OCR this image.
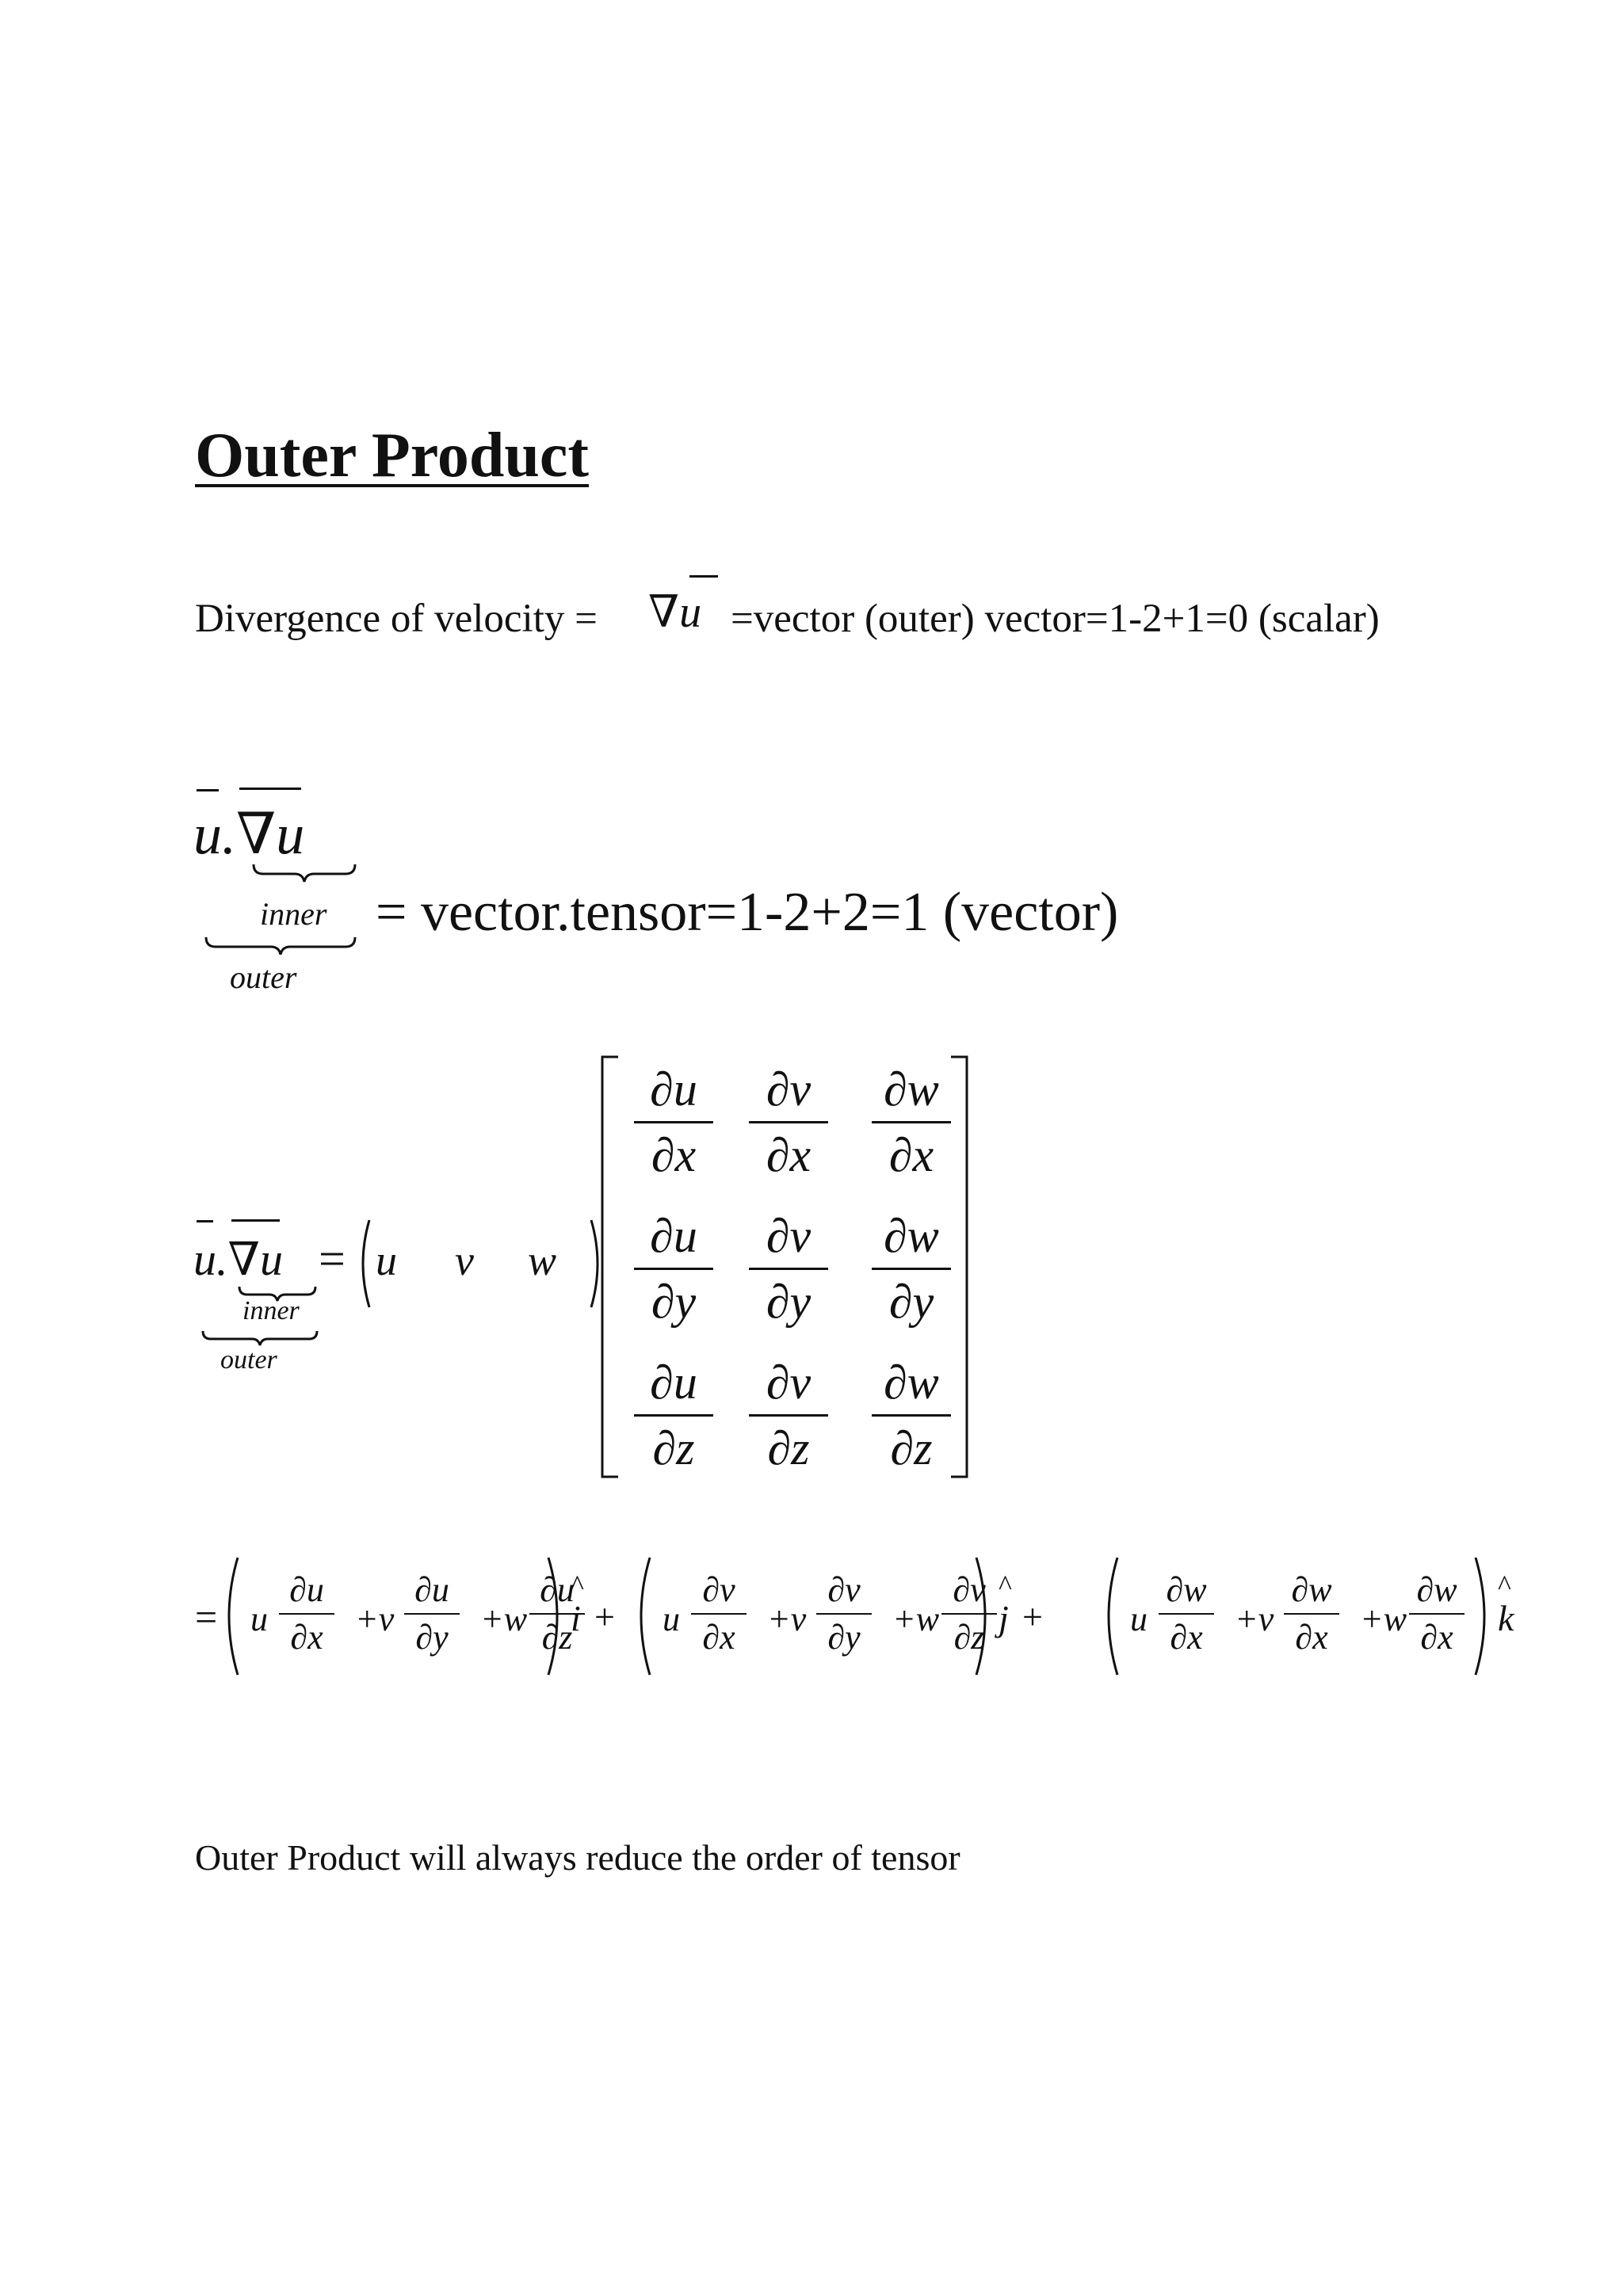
Outer Product
Divergence of velocity = ∇u =vector (outer) vector=1-2+1=0 (scalar)
u.∇u
inner
outer
= vector.tensor=1-2+2=1 (vector)
u.∇u
inner
outer
= u v w
$\frac{\partial u}{\partial x} \frac{\partial v}{\partial x} \frac{\partial w}{\partial x}$
$\frac{\partial u}{\partial y} \frac{\partial v}{\partial y} \frac{\partial w}{\partial y}$
$\frac{\partial u}{\partial z} \frac{\partial v}{\partial z} \frac{\partial w}{\partial z}$
= u $\frac{\partial u}{\partial x} +v \frac{\partial u}{\partial y} +w \frac{\partial u}{\partial z}$
i
^
+ u $\frac{\partial v}{\partial x} +v \frac{\partial v}{\partial y} +w \frac{\partial v}{\partial z}$ j
^
+	u $\frac{\partial w}{\partial x} +v \frac{\partial w}{\partial x} +w \frac{\partial w}{\partial x}$ k
^
Outer Product will always reduce the order of tensor
